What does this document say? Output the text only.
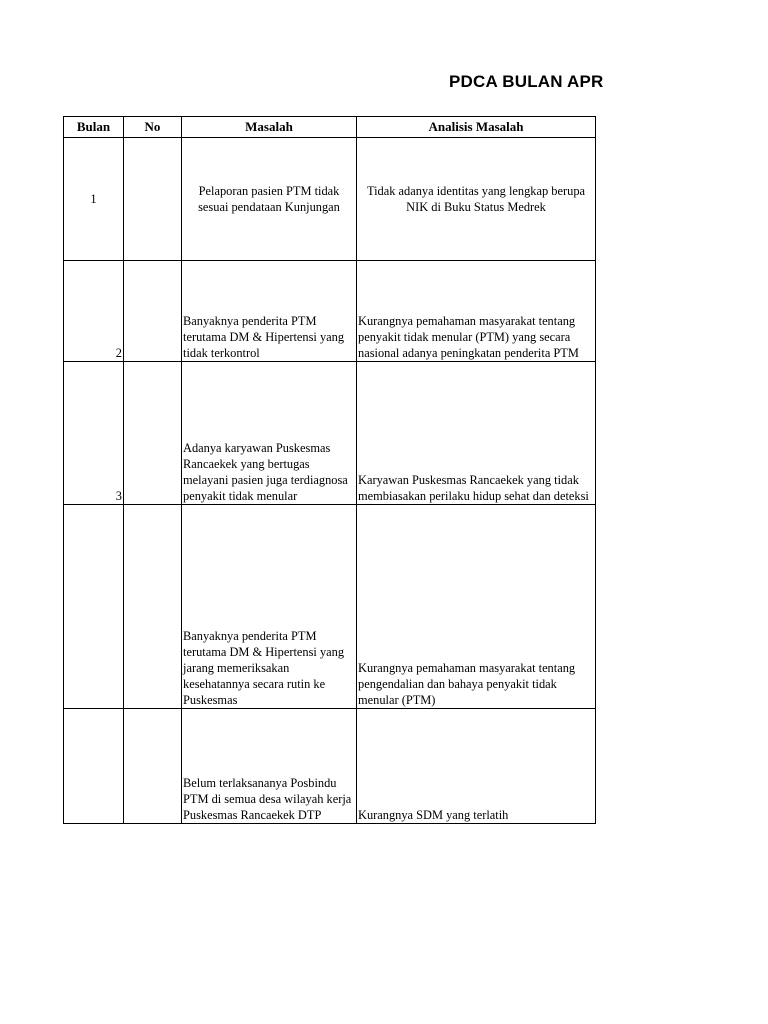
PDCA BULAN APR
Bulan	No	Masalah	Analisis Masalah
1		Pelaporan pasien PTM tidak sesuai pendataan Kunjungan	Tidak adanya identitas yang lengkap berupa NIK di Buku Status Medrek
2		Banyaknya penderita PTM terutama DM & Hipertensi yang tidak terkontrol	Kurangnya pemahaman masyarakat tentang penyakit tidak menular (PTM) yang secara nasional adanya peningkatan penderita PTM
3		Adanya karyawan Puskesmas Rancaekek yang bertugas melayani pasien juga terdiagnosa penyakit tidak menular	Karyawan Puskesmas Rancaekek yang tidak membiasakan perilaku hidup sehat dan deteksi
		Banyaknya penderita PTM terutama DM & Hipertensi yang jarang memeriksakan kesehatannya secara rutin ke Puskesmas	Kurangnya pemahaman masyarakat tentang pengendalian dan bahaya penyakit tidak menular (PTM)
		Belum terlaksananya Posbindu PTM di semua desa wilayah kerja Puskesmas Rancaekek DTP	Kurangnya SDM yang terlatih
